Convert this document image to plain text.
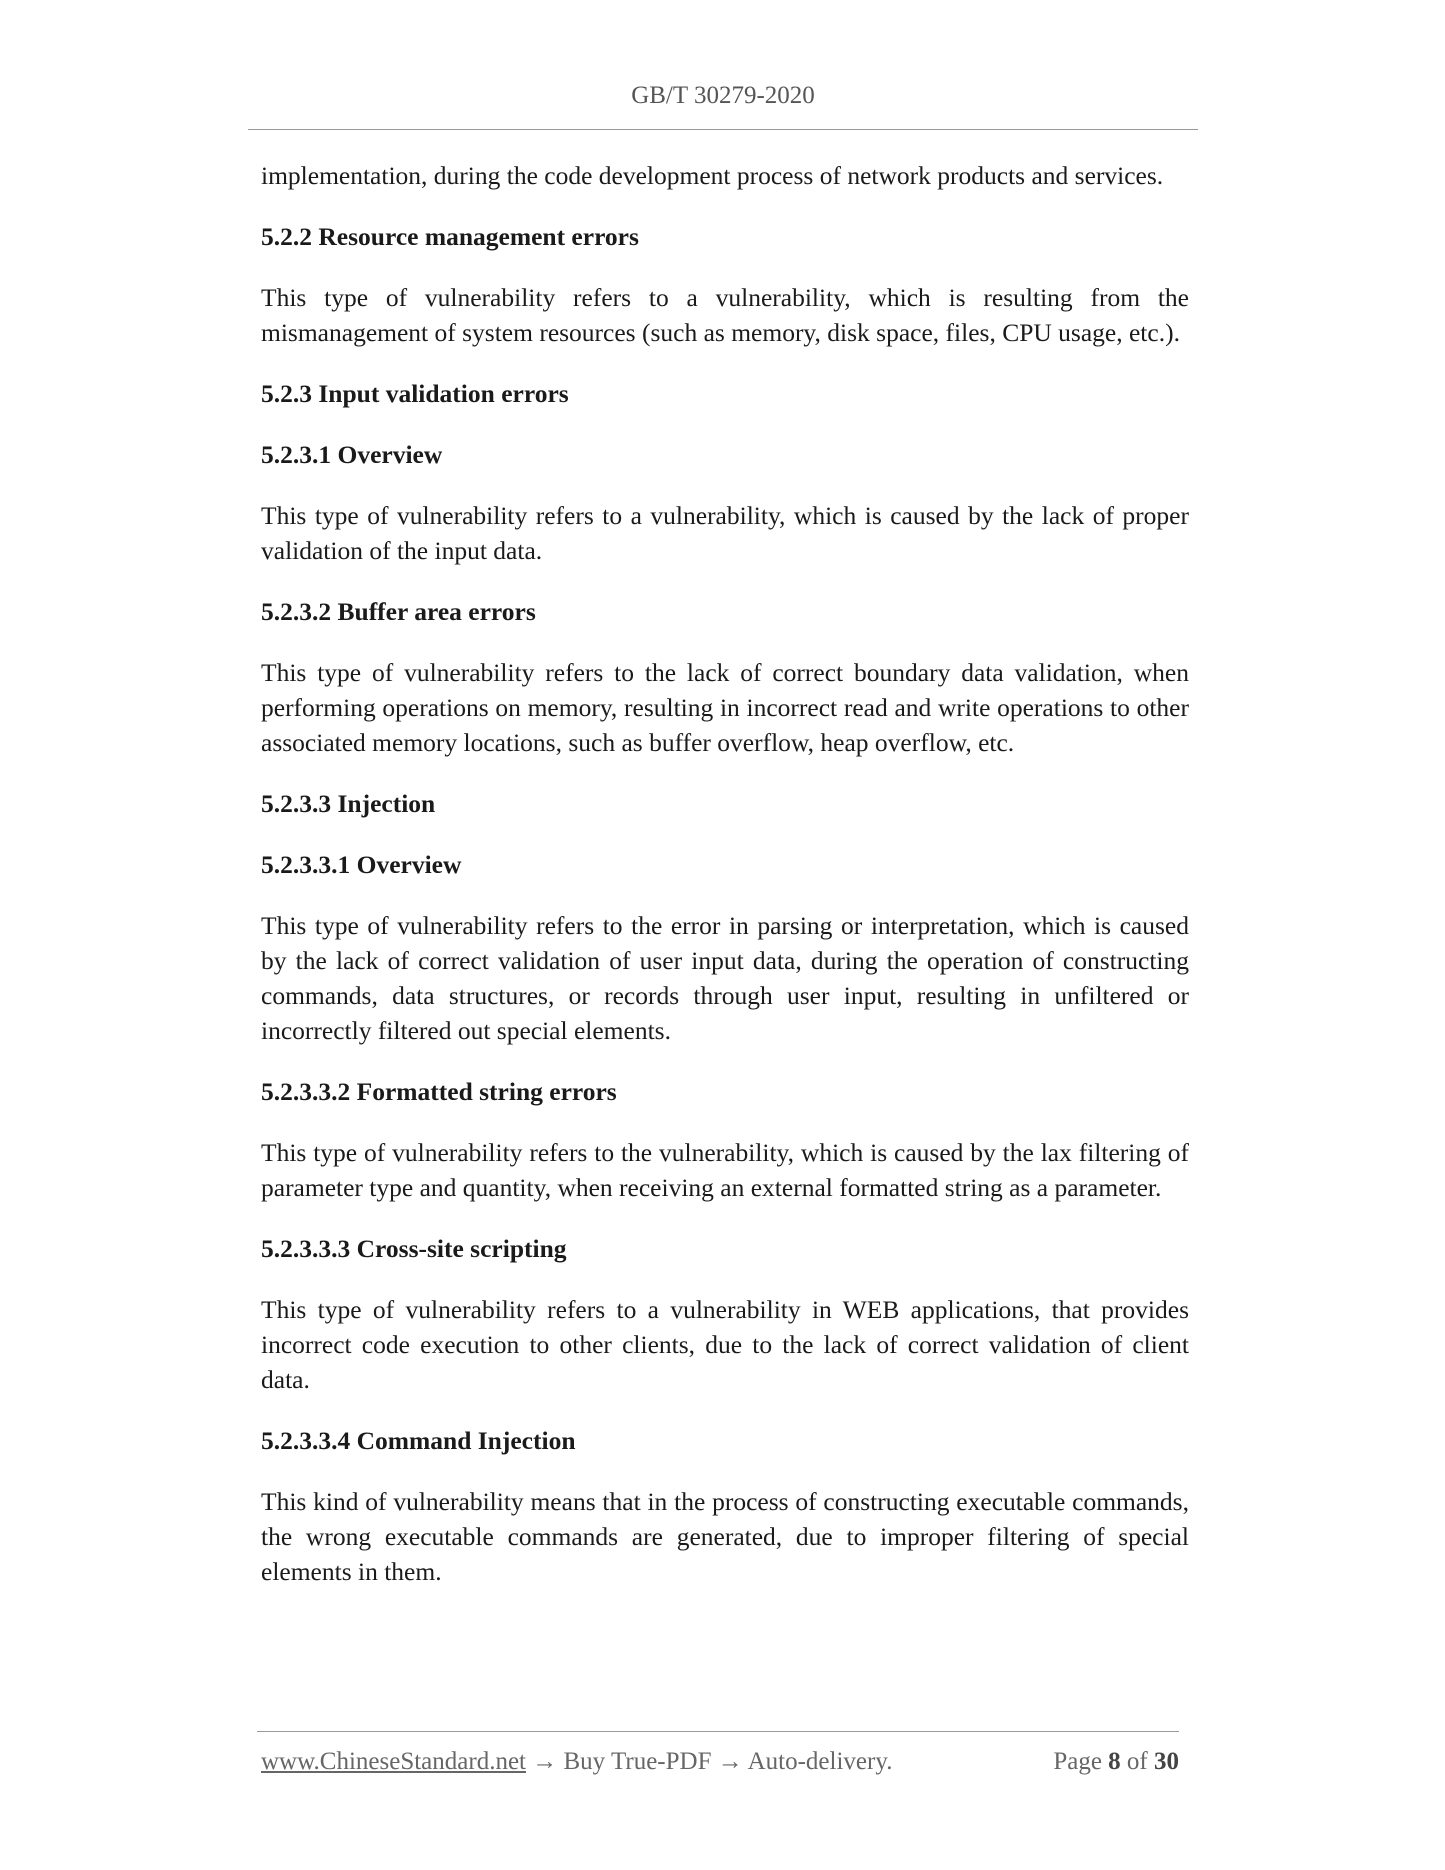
GB/T 30279-2020

implementation, during the code development process of network products and services.

5.2.2 Resource management errors

This type of vulnerability refers to a vulnerability, which is resulting from the mismanagement of system resources (such as memory, disk space, files, CPU usage, etc.).

5.2.3 Input validation errors
5.2.3.1 Overview

This type of vulnerability refers to a vulnerability, which is caused by the lack of proper validation of the input data.

5.2.3.2 Buffer area errors

This type of vulnerability refers to the lack of correct boundary data validation, when performing operations on memory, resulting in incorrect read and write operations to other associated memory locations, such as buffer overflow, heap overflow, etc.

5.2.3.3 Injection
5.2.3.3.1 Overview

This type of vulnerability refers to the error in parsing or interpretation, which is caused by the lack of correct validation of user input data, during the operation of constructing commands, data structures, or records through user input, resulting in unfiltered or incorrectly filtered out special elements.

5.2.3.3.2 Formatted string errors

This type of vulnerability refers to the vulnerability, which is caused by the lax filtering of parameter type and quantity, when receiving an external formatted string as a parameter.

5.2.3.3.3 Cross-site scripting

This type of vulnerability refers to a vulnerability in WEB applications, that provides incorrect code execution to other clients, due to the lack of correct validation of client data.

5.2.3.3.4 Command Injection

This kind of vulnerability means that in the process of constructing executable commands, the wrong executable commands are generated, due to improper filtering of special elements in them.

www.ChineseStandard.net → Buy True-PDF → Auto-delivery.	Page 8 of 30
